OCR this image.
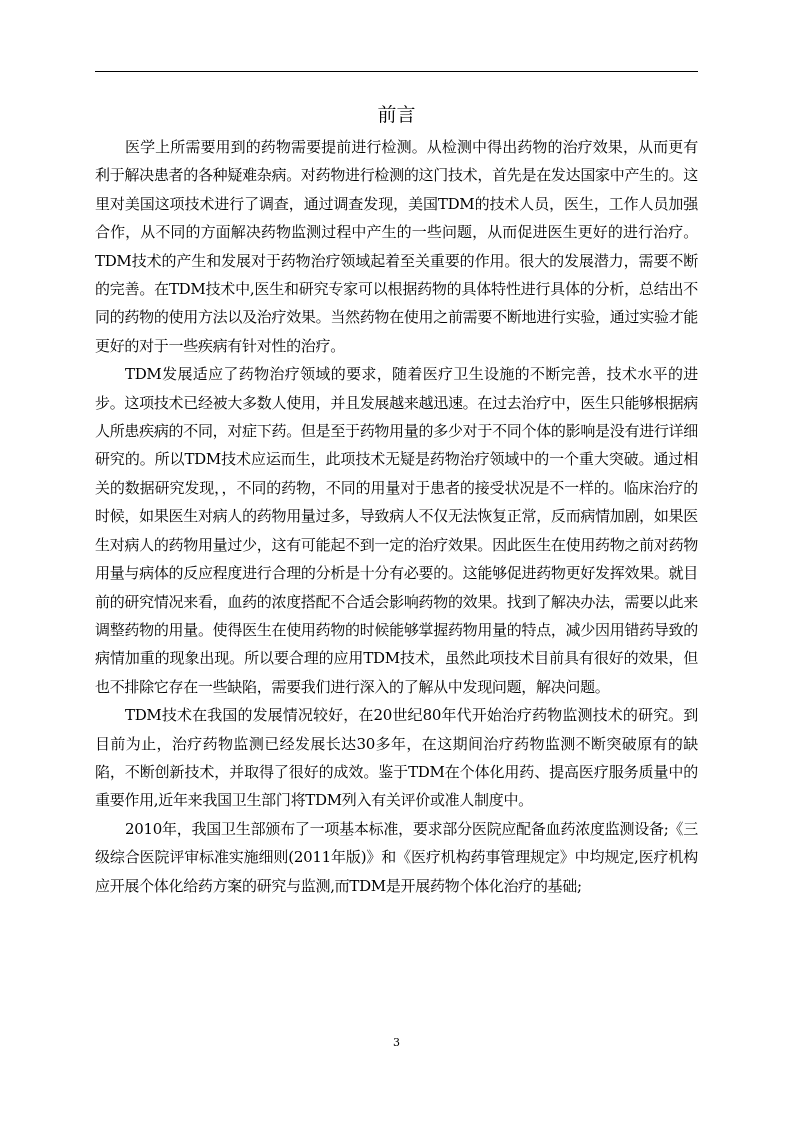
前言

医学上所需要用到的药物需要提前进行检测。从检测中得出药物的治疗效果，从而更有利于解决患者的各种疑难杂病。对药物进行检测的这门技术，首先是在发达国家中产生的。这里对美国这项技术进行了调查，通过调查发现，美国TDM的技术人员，医生，工作人员加强合作，从不同的方面解决药物监测过程中产生的一些问题，从而促进医生更好的进行治疗。 TDM技术的产生和发展对于药物治疗领域起着至关重要的作用。很大的发展潜力，需要不断的完善。在TDM技术中,医生和研究专家可以根据药物的具体特性进行具体的分析，总结出不同的药物的使用方法以及治疗效果。当然药物在使用之前需要不断地进行实验，通过实验才能更好的对于一些疾病有针对性的治疗。

TDM发展适应了药物治疗领域的要求，随着医疗卫生设施的不断完善，技术水平的进步。这项技术已经被大多数人使用，并且发展越来越迅速。在过去治疗中，医生只能够根据病人所患疾病的不同，对症下药。但是至于药物用量的多少对于不同个体的影响是没有进行详细研究的。所以TDM技术应运而生，此项技术无疑是药物治疗领域中的一个重大突破。通过相关的数据研究发现，，不同的药物，不同的用量对于患者的接受状况是不一样的。临床治疗的时候，如果医生对病人的药物用量过多，导致病人不仅无法恢复正常，反而病情加剧，如果医生对病人的药物用量过少，这有可能起不到一定的治疗效果。因此医生在使用药物之前对药物用量与病体的反应程度进行合理的分析是十分有必要的。这能够促进药物更好发挥效果。就目前的研究情况来看，血药的浓度搭配不合适会影响药物的效果。找到了解决办法，需要以此来调整药物的用量。使得医生在使用药物的时候能够掌握药物用量的特点，减少因用错药导致的病情加重的现象出现。所以要合理的应用TDM技术，虽然此项技术目前具有很好的效果，但也不排除它存在一些缺陷，需要我们进行深入的了解从中发现问题，解决问题。

TDM技术在我国的发展情况较好，在20世纪80年代开始治疗药物监测技术的研究。到目前为止，治疗药物监测已经发展长达30多年，在这期间治疗药物监测不断突破原有的缺陷，不断创新技术，并取得了很好的成效。鉴于TDM在个体化用药、提高医疗服务质量中的重要作用,近年来我国卫生部门将TDM列入有关评价或准人制度中。

2010年，我国卫生部颁布了一项基本标准，要求部分医院应配备血药浓度监测设备;《三级综合医院评审标准实施细则(2011年版)》和《医疗机构药事管理规定》中均规定,医疗机构应开展个体化给药方案的研究与监测,而TDM是开展药物个体化治疗的基础;

3
